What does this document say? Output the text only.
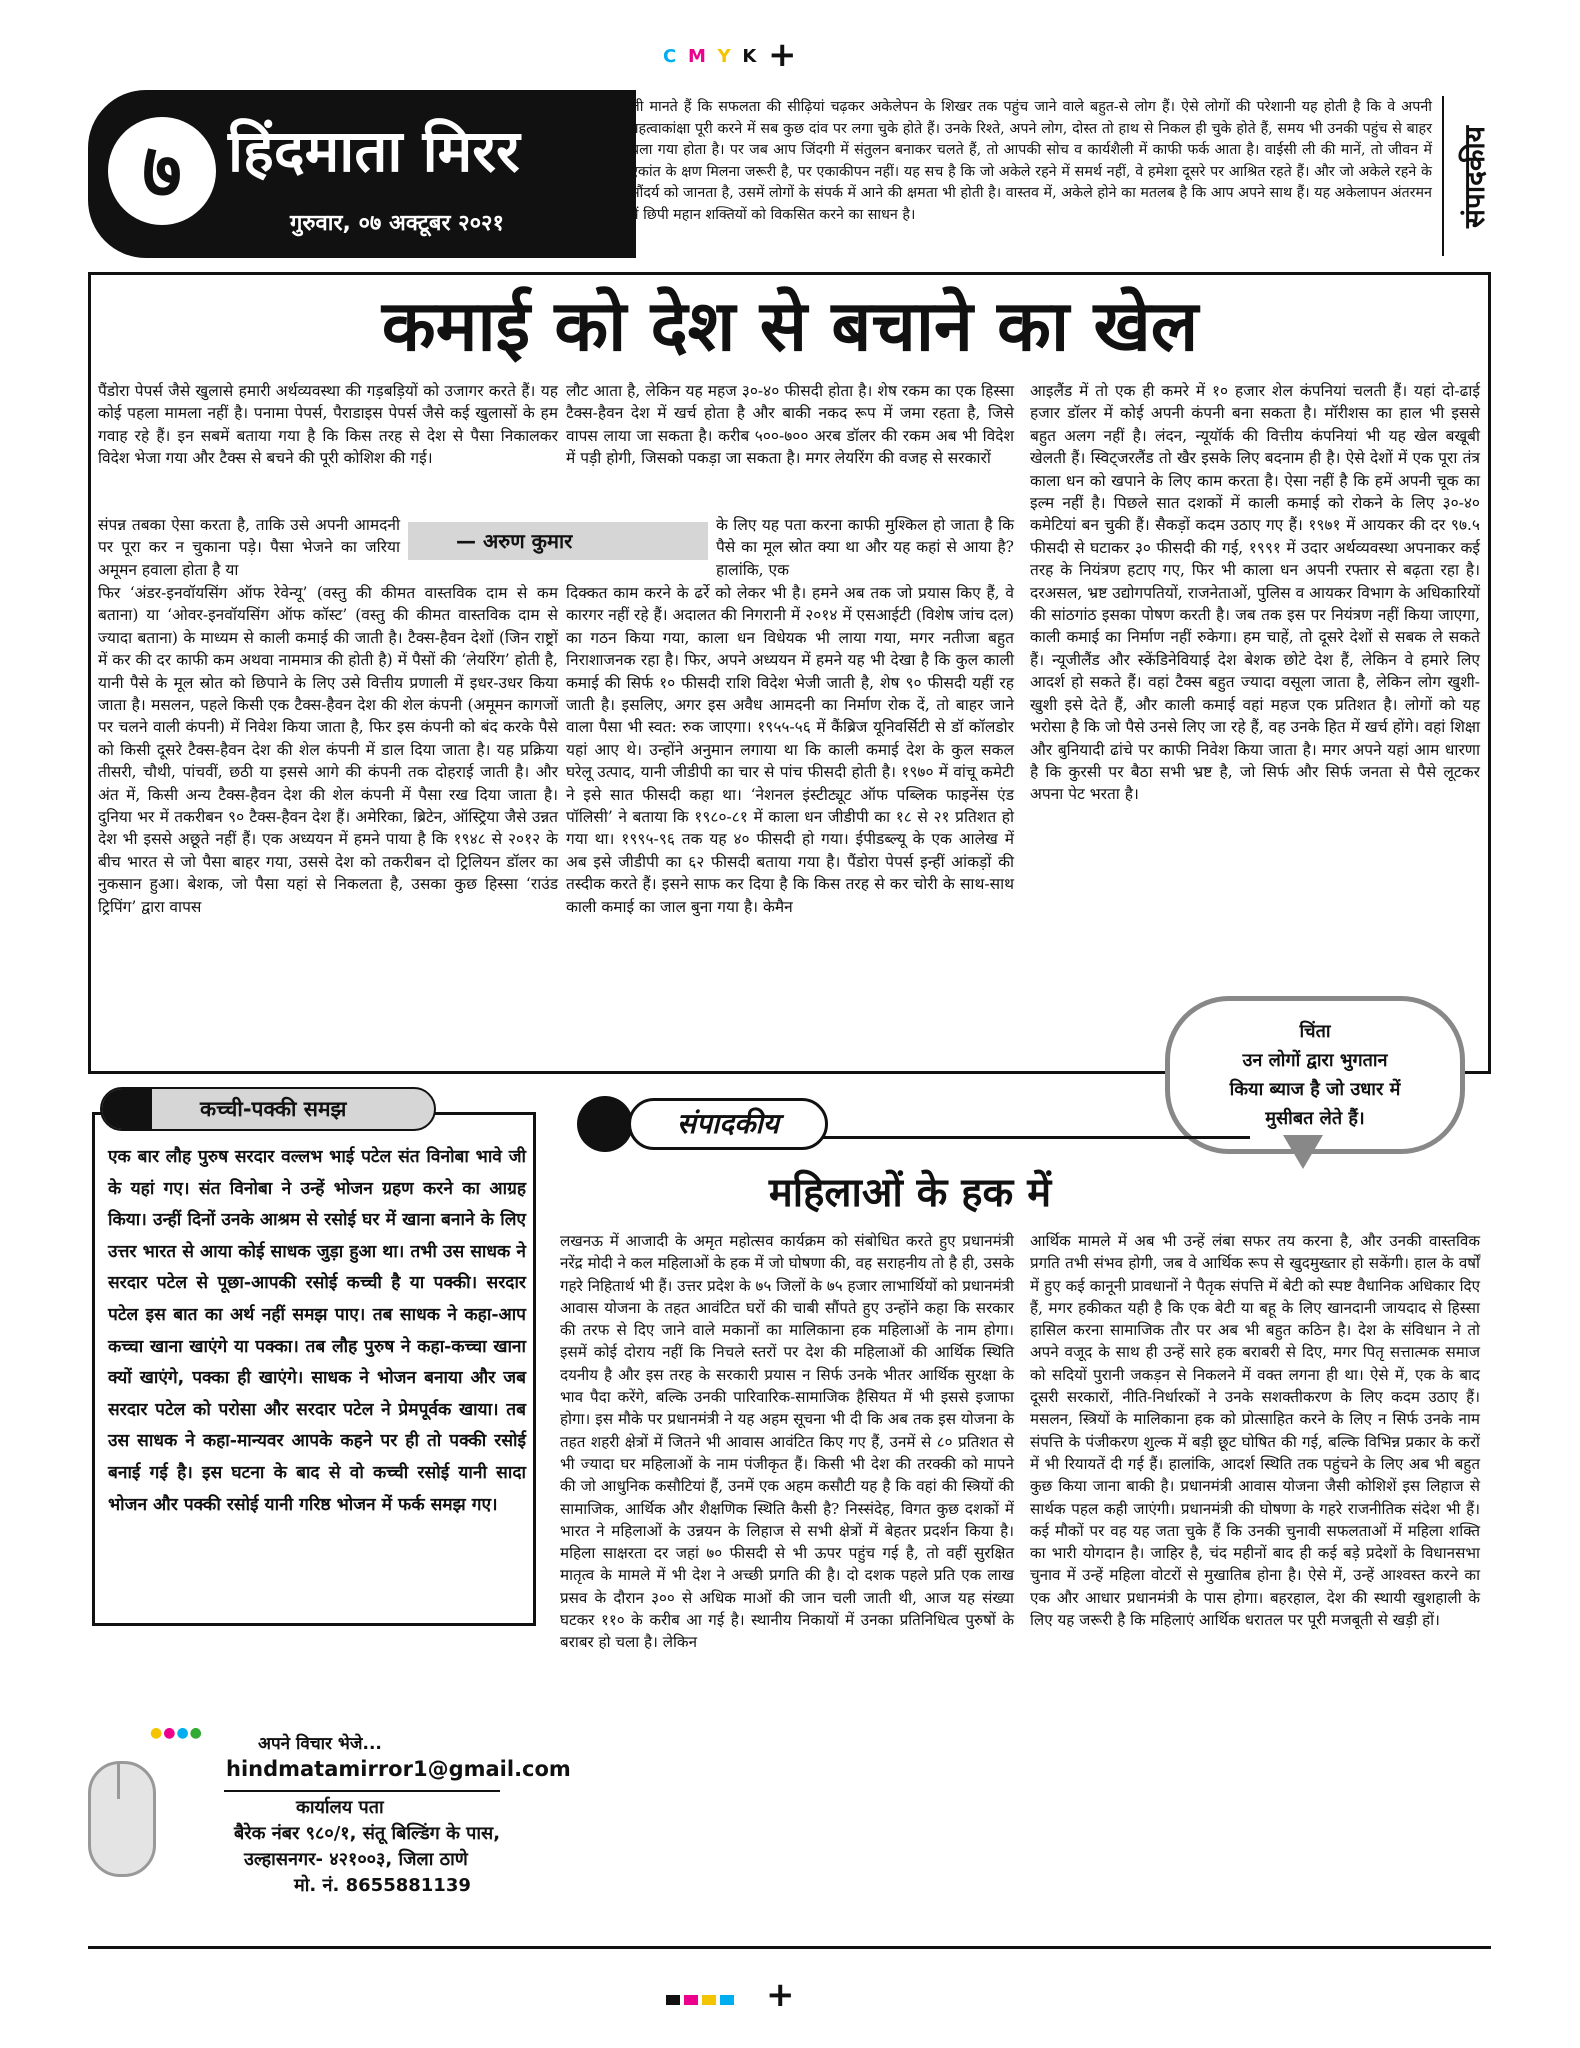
C M Y K +
७ हिंदमाता मिरर
गुरुवार, ०७ अक्टूबर २०२१
ली मानते हैं कि सफलता की सीढ़ियां चढ़कर अकेलेपन के शिखर तक पहुंच जाने वाले बहुत-से लोग हैं। ऐसे लोगों की परेशानी यह होती है कि वे अपनी महत्वाकांक्षा पूरी करने में सब कुछ दांव पर लगा चुके होते हैं। उनके रिश्ते, अपने लोग, दोस्त तो हाथ से निकल ही चुके होते हैं, समय भी उनकी पहुंच से बाहर चला गया होता है। पर जब आप जिंदगी में संतुलन बनाकर चलते हैं, तो आपकी सोच व कार्यशैली में काफी फर्क आता है। वाईसी ली की मानें, तो जीवन में एकांत के क्षण मिलना जरूरी है, पर एकाकीपन नहीं। यह सच है कि जो अकेले रहने में समर्थ नहीं, वे हमेशा दूसरे पर आश्रित रहते हैं। और जो अकेले रहने के सौंदर्य को जानता है, उसमें लोगों के संपर्क में आने की क्षमता भी होती है। वास्तव में, अकेले होने का मतलब है कि आप अपने साथ हैं। यह अकेलापन अंतरमन में छिपी महान शक्तियों को विकसित करने का साधन है।	संपादकीय
कमाई को देश से बचाने का खेल
पैंडोरा पेपर्स जैसे खुलासे हमारी अर्थव्यवस्था की गड़बड़ियों को उजागर करते हैं। यह कोई पहला मामला नहीं है। पनामा पेपर्स, पैराडाइस पेपर्स जैसे कई खुलासों के हम गवाह रहे हैं। इन सबमें बताया गया है कि किस तरह से देश से पैसा निकालकर विदेश भेजा गया और टैक्स से बचने की पूरी कोशिश की गई।
संपन्न तबका ऐसा करता है, ताकि उसे अपनी आमदनी पर पूरा कर न चुकाना पड़े। पैसा भेजने का जरिया अमूमन हवाला होता है या
फिर ‘अंडर-इनवॉयसिंग ऑफ रेवेन्यू’ (वस्तु की कीमत वास्तविक दाम से कम बताना) या ‘ओवर-इनवॉयसिंग ऑफ कॉस्ट’ (वस्तु की कीमत वास्तविक दाम से ज्यादा बताना) के माध्यम से काली कमाई की जाती है। टैक्स-हैवन देशों (जिन राष्ट्रों में कर की दर काफी कम अथवा नाममात्र की होती है) में पैसों की ‘लेयरिंग’ होती है, यानी पैसे के मूल स्रोत को छिपाने के लिए उसे वित्तीय प्रणाली में इधर-उधर किया जाता है। मसलन, पहले किसी एक टैक्स-हैवन देश की शेल कंपनी (अमूमन कागजों पर चलने वाली कंपनी) में निवेश किया जाता है, फिर इस कंपनी को बंद करके पैसे को किसी दूसरे टैक्स-हैवन देश की शेल कंपनी में डाल दिया जाता है। यह प्रक्रिया तीसरी, चौथी, पांचवीं, छठी या इससे आगे की कंपनी तक दोहराई जाती है। और अंत में, किसी अन्य टैक्स-हैवन देश की शेल कंपनी में पैसा रख दिया जाता है। दुनिया भर में तकरीबन ९० टैक्स-हैवन देश हैं। अमेरिका, ब्रिटेन, ऑस्ट्रिया जैसे उन्नत देश भी इससे अछूते नहीं हैं। एक अध्ययन में हमने पाया है कि १९४८ से २०१२ के बीच भारत से जो पैसा बाहर गया, उससे देश को तकरीबन दो ट्रिलियन डॉलर का नुकसान हुआ। बेशक, जो पैसा यहां से निकलता है, उसका कुछ हिस्सा ‘राउंड ट्रिपिंग’ द्वारा वापस
— अरुण कुमार
लौट आता है, लेकिन यह महज ३०-४० फीसदी होता है। शेष रकम का एक हिस्सा टैक्स-हैवन देश में खर्च होता है और बाकी नकद रूप में जमा रहता है, जिसे वापस लाया जा सकता है। करीब ५००-७०० अरब डॉलर की रकम अब भी विदेश में पड़ी होगी, जिसको पकड़ा जा सकता है। मगर लेयरिंग की वजह से सरकारों
के लिए यह पता करना काफी मुश्किल हो जाता है कि पैसे का मूल स्रोत क्या था और यह कहां से आया है? हालांकि, एक
दिक्कत काम करने के ढर्रे को लेकर भी है। हमने अब तक जो प्रयास किए हैं, वे कारगर नहीं रहे हैं। अदालत की निगरानी में २०१४ में एसआईटी (विशेष जांच दल) का गठन किया गया, काला धन विधेयक भी लाया गया, मगर नतीजा बहुत निराशाजनक रहा है। फिर, अपने अध्ययन में हमने यह भी देखा है कि कुल काली कमाई की सिर्फ १० फीसदी राशि विदेश भेजी जाती है, शेष ९० फीसदी यहीं रह जाती है। इसलिए, अगर इस अवैध आमदनी का निर्माण रोक दें, तो बाहर जाने वाला पैसा भी स्वत: रुक जाएगा। १९५५-५६ में कैंब्रिज यूनिवर्सिटी से डॉ कॉलडोर यहां आए थे। उन्होंने अनुमान लगाया था कि काली कमाई देश के कुल सकल घरेलू उत्पाद, यानी जीडीपी का चार से पांच फीसदी होती है। १९७० में वांचू कमेटी ने इसे सात फीसदी कहा था। ‘नेशनल इंस्टीट्यूट ऑफ पब्लिक फाइनेंस एंड पॉलिसी’ ने बताया कि १९८०-८१ में काला धन जीडीपी का १८ से २१ प्रतिशत हो गया था। १९९५-९६ तक यह ४० फीसदी हो गया। ईपीडब्ल्यू के एक आलेख में अब इसे जीडीपी का ६२ फीसदी बताया गया है। पैंडोरा पेपर्स इन्हीं आंकड़ों की तस्दीक करते हैं। इसने साफ कर दिया है कि किस तरह से कर चोरी के साथ-साथ काली कमाई का जाल बुना गया है। केमैन
आइलैंड में तो एक ही कमरे में १० हजार शेल कंपनियां चलती हैं। यहां दो-ढाई हजार डॉलर में कोई अपनी कंपनी बना सकता है। मॉरीशस का हाल भी इससे बहुत अलग नहीं है। लंदन, न्यूयॉर्क की वित्तीय कंपनियां भी यह खेल बखूबी खेलती हैं। स्विट्जरलैंड तो खैर इसके लिए बदनाम ही है। ऐसे देशों में एक पूरा तंत्र काला धन को खपाने के लिए काम करता है। ऐसा नहीं है कि हमें अपनी चूक का इल्म नहीं है। पिछले सात दशकों में काली कमाई को रोकने के लिए ३०-४० कमेटियां बन चुकी हैं। सैकड़ों कदम उठाए गए हैं। १९७१ में आयकर की दर ९७.५ फीसदी से घटाकर ३० फीसदी की गई, १९९१ में उदार अर्थव्यवस्था अपनाकर कई तरह के नियंत्रण हटाए गए, फिर भी काला धन अपनी रफ्तार से बढ़ता रहा है। दरअसल, भ्रष्ट उद्योगपतियों, राजनेताओं, पुलिस व आयकर विभाग के अधिकारियों की सांठगांठ इसका पोषण करती है। जब तक इस पर नियंत्रण नहीं किया जाएगा, काली कमाई का निर्माण नहीं रुकेगा। हम चाहें, तो दूसरे देशों से सबक ले सकते हैं। न्यूजीलैंड और स्केंडिनेवियाई देश बेशक छोटे देश हैं, लेकिन वे हमारे लिए आदर्श हो सकते हैं। वहां टैक्स बहुत ज्यादा वसूला जाता है, लेकिन लोग खुशी-खुशी इसे देते हैं, और काली कमाई वहां महज एक प्रतिशत है। लोगों को यह भरोसा है कि जो पैसे उनसे लिए जा रहे हैं, वह उनके हित में खर्च होंगे। वहां शिक्षा और बुनियादी ढांचे पर काफी निवेश किया जाता है। मगर अपने यहां आम धारणा है कि कुरसी पर बैठा सभी भ्रष्ट है, जो सिर्फ और सिर्फ जनता से पैसे लूटकर अपना पेट भरता है।
चिंता
उन लोगों द्वारा भुगतान
किया ब्याज है जो उधार में
मुसीबत लेते हैं।
कच्ची-पक्की समझ
एक बार लौह पुरुष सरदार वल्लभ भाई पटेल संत विनोबा भावे जी के यहां गए। संत विनोबा ने उन्हें भोजन ग्रहण करने का आग्रह किया। उन्हीं दिनों उनके आश्रम से रसोई घर में खाना बनाने के लिए उत्तर भारत से आया कोई साधक जुड़ा हुआ था। तभी उस साधक ने सरदार पटेल से पूछा-आपकी रसोई कच्ची है या पक्की। सरदार पटेल इस बात का अर्थ नहीं समझ पाए। तब साधक ने कहा-आप कच्चा खाना खाएंगे या पक्का। तब लौह पुरुष ने कहा-कच्चा खाना क्यों खाएंगे, पक्का ही खाएंगे। साधक ने भोजन बनाया और जब सरदार पटेल को परोसा और सरदार पटेल ने प्रेमपूर्वक खाया। तब उस साधक ने कहा-मान्यवर आपके कहने पर ही तो पक्की रसोई बनाई गई है। इस घटना के बाद से वो कच्ची रसोई यानी सादा भोजन और पक्की रसोई यानी गरिष्ठ भोजन में फर्क समझ गए।
●●●●
अपने विचार भेजे...
hindmatamirror1@gmail.com
कार्यालय पता
बैरेक नंबर ९८०/१, संतू बिल्डिंग के पास,
उल्हासनगर- ४२१००३, जिला ठाणे
मो. नं. 8655881139
संपादकीय
महिलाओं के हक में
लखनऊ में आजादी के अमृत महोत्सव कार्यक्रम को संबोधित करते हुए प्रधानमंत्री नरेंद्र मोदी ने कल महिलाओं के हक में जो घोषणा की, वह सराहनीय तो है ही, उसके गहरे निहितार्थ भी हैं। उत्तर प्रदेश के ७५ जिलों के ७५ हजार लाभार्थियों को प्रधानमंत्री आवास योजना के तहत आवंटित घरों की चाबी सौंपते हुए उन्होंने कहा कि सरकार की तरफ से दिए जाने वाले मकानों का मालिकाना हक महिलाओं के नाम होगा। इसमें कोई दोराय नहीं कि निचले स्तरों पर देश की महिलाओं की आर्थिक स्थिति दयनीय है और इस तरह के सरकारी प्रयास न सिर्फ उनके भीतर आर्थिक सुरक्षा के भाव पैदा करेंगे, बल्कि उनकी पारिवारिक-सामाजिक हैसियत में भी इससे इजाफा होगा। इस मौके पर प्रधानमंत्री ने यह अहम सूचना भी दी कि अब तक इस योजना के तहत शहरी क्षेत्रों में जितने भी आवास आवंटित किए गए हैं, उनमें से ८० प्रतिशत से भी ज्यादा घर महिलाओं के नाम पंजीकृत हैं। किसी भी देश की तरक्की को मापने की जो आधुनिक कसौटियां हैं, उनमें एक अहम कसौटी यह है कि वहां की स्त्रियों की सामाजिक, आर्थिक और शैक्षणिक स्थिति कैसी है? निस्संदेह, विगत कुछ दशकों में भारत ने महिलाओं के उन्नयन के लिहाज से सभी क्षेत्रों में बेहतर प्रदर्शन किया है। महिला साक्षरता दर जहां ७० फीसदी से भी ऊपर पहुंच गई है, तो वहीं सुरक्षित मातृत्व के मामले में भी देश ने अच्छी प्रगति की है। दो दशक पहले प्रति एक लाख प्रसव के दौरान ३०० से अधिक माओं की जान चली जाती थी, आज यह संख्या घटकर ११० के करीब आ गई है। स्थानीय निकायों में उनका प्रतिनिधित्व पुरुषों के बराबर हो चला है। लेकिन
आर्थिक मामले में अब भी उन्हें लंबा सफर तय करना है, और उनकी वास्तविक प्रगति तभी संभव होगी, जब वे आर्थिक रूप से खुदमुख्तार हो सकेंगी। हाल के वर्षों में हुए कई कानूनी प्रावधानों ने पैतृक संपत्ति में बेटी को स्पष्ट वैधानिक अधिकार दिए हैं, मगर हकीकत यही है कि एक बेटी या बहू के लिए खानदानी जायदाद से हिस्सा हासिल करना सामाजिक तौर पर अब भी बहुत कठिन है। देश के संविधान ने तो अपने वजूद के साथ ही उन्हें सारे हक बराबरी से दिए, मगर पितृ सत्तात्मक समाज को सदियों पुरानी जकड़न से निकलने में वक्त लगना ही था। ऐसे में, एक के बाद दूसरी सरकारों, नीति-निर्धारकों ने उनके सशक्तीकरण के लिए कदम उठाए हैं। मसलन, स्त्रियों के मालिकाना हक को प्रोत्साहित करने के लिए न सिर्फ उनके नाम संपत्ति के पंजीकरण शुल्क में बड़ी छूट घोषित की गई, बल्कि विभिन्न प्रकार के करों में भी रियायतें दी गई हैं। हालांकि, आदर्श स्थिति तक पहुंचने के लिए अब भी बहुत कुछ किया जाना बाकी है। प्रधानमंत्री आवास योजना जैसी कोशिशें इस लिहाज से सार्थक पहल कही जाएंगी। प्रधानमंत्री की घोषणा के गहरे राजनीतिक संदेश भी हैं। कई मौकों पर वह यह जता चुके हैं कि उनकी चुनावी सफलताओं में महिला शक्ति का भारी योगदान है। जाहिर है, चंद महीनों बाद ही कई बड़े प्रदेशों के विधानसभा चुनाव में उन्हें महिला वोटरों से मुखातिब होना है। ऐसे में, उन्हें आश्वस्त करने का एक और आधार प्रधानमंत्री के पास होगा। बहरहाल, देश की स्थायी खुशहाली के लिए यह जरूरी है कि महिलाएं आर्थिक धरातल पर पूरी मजबूती से खड़ी हों।
+
